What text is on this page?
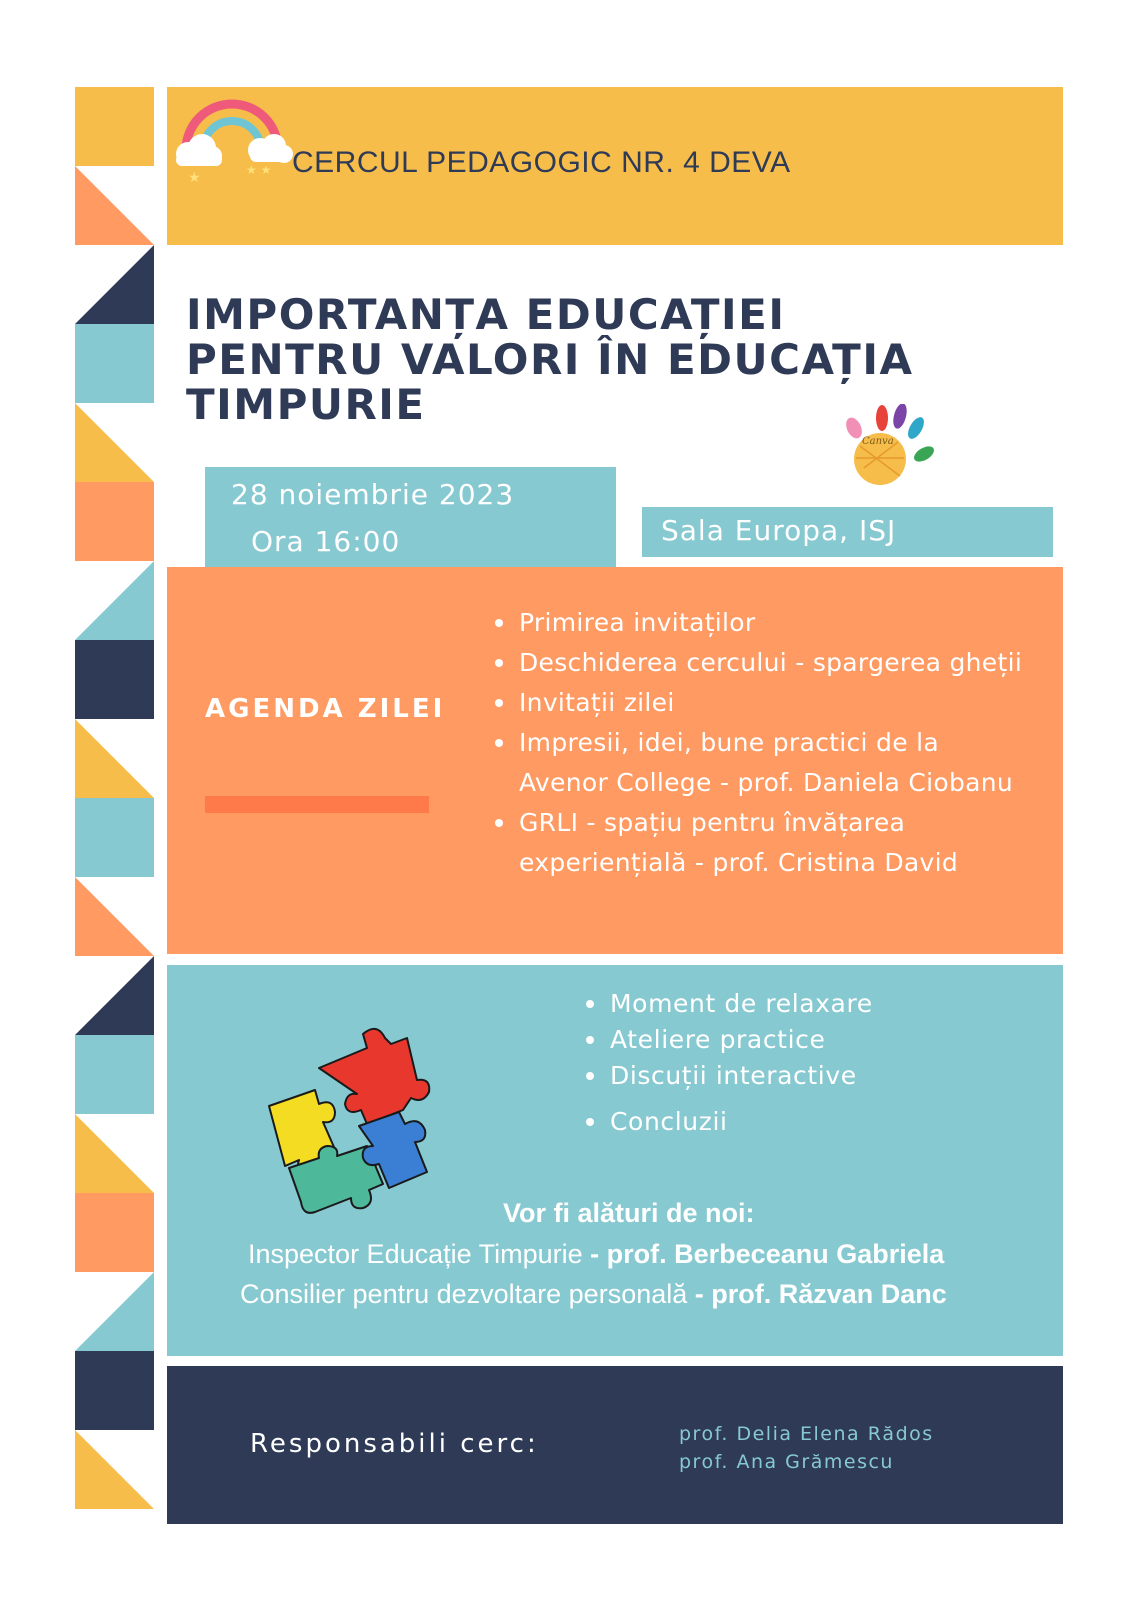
★	★ ★ CERCUL PEDAGOGIC NR. 4 DEVA
IMPORTANȚA EDUCAȚIEI
PENTRU VALORI ÎN EDUCAȚIA
TIMPURIE
Canva
28 noiembrie 2023
Ora 16:00	Sala Europa, ISJ
AGENDA ZILEI
Primirea invitaților
Deschiderea cercului - spargerea gheții
Invitații zilei
Impresii, idei, bune practici de la
Avenor College - prof. Daniela Ciobanu
GRLI - spațiu pentru învățarea
experiențială - prof. Cristina David
Moment de relaxare
Ateliere practice
Discuții interactive
Concluzii
Vor fi alături de noi:
Inspector Educație Timpurie - prof. Berbeceanu Gabriela
Consilier pentru dezvoltare personală - prof. Răzvan Danc
Responsabili cerc:	prof. Delia Elena Rădos
prof. Ana Grămescu
